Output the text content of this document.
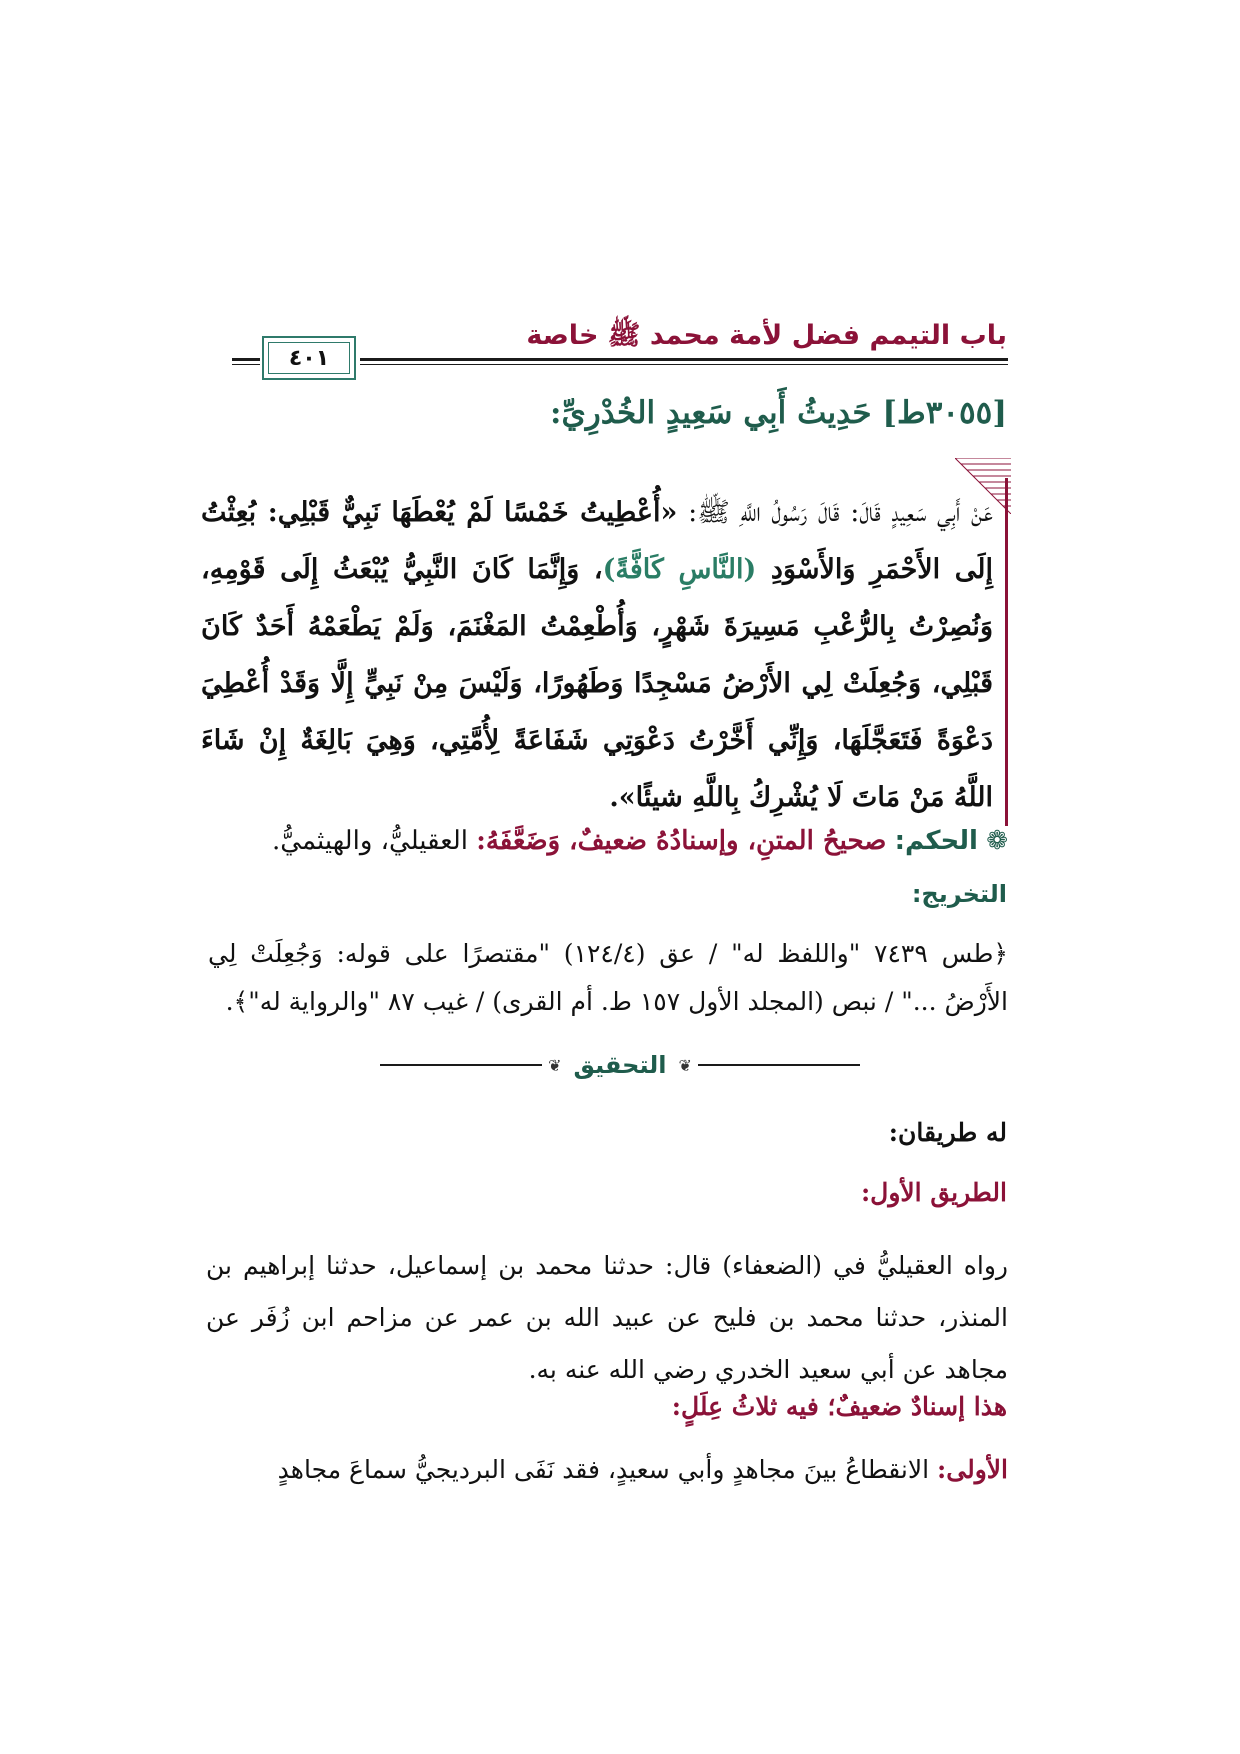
باب التيمم فضل لأمة محمد ﷺ خاصة
٤٠١
[٣٠٥٥ط] حَدِيثُ أَبِي سَعِيدٍ الخُدْرِيِّ:

عَنْ أَبِي سَعِيدٍ قَالَ: قَالَ رَسُولُ اللَّهِ ﷺ: «أُعْطِيتُ خَمْسًا لَمْ يُعْطَهَا نَبِيٌّ قَبْلِي: بُعِثْتُ إِلَى الأَحْمَرِ وَالأَسْوَدِ (النَّاسِ كَافَّةً)، وَإِنَّمَا كَانَ النَّبِيُّ يُبْعَثُ إِلَى قَوْمِهِ، وَنُصِرْتُ بِالرُّعْبِ مَسِيرَةَ شَهْرٍ، وَأُطْعِمْتُ المَغْنَمَ، وَلَمْ يَطْعَمْهُ أَحَدٌ كَانَ قَبْلِي، وَجُعِلَتْ لِي الأَرْضُ مَسْجِدًا وَطَهُورًا، وَلَيْسَ مِنْ نَبِيٍّ إِلَّا وَقَدْ أُعْطِيَ دَعْوَةً فَتَعَجَّلَهَا، وَإِنِّي أَخَّرْتُ دَعْوَتِي شَفَاعَةً لِأُمَّتِي، وَهِيَ بَالِغَةٌ إِنْ شَاءَ اللَّهُ مَنْ مَاتَ لَا يُشْرِكُ بِاللَّهِ شيئًا».

❁ الحكم: صحيحُ المتنِ، وإسنادُهُ ضعيفٌ، وَضَعَّفَهُ: العقيليُّ، والهيثميُّ.
التخريج:

﴿طس ٧٤٣٩ "واللفظ له" / عق (١٢٤/٤) "مقتصرًا على قوله: وَجُعِلَتْ لِي الأَرْضُ ..." / نبص (المجلد الأول ١٥٧ ط. أم القرى) / غيب ٨٧ "والرواية له"﴾.

❦
التحقيق
❦
له طريقان:
الطريق الأول:

رواه العقيليُّ في (الضعفاء) قال: حدثنا محمد بن إسماعيل، حدثنا إبراهيم بن المنذر، حدثنا محمد بن فليح عن عبيد الله بن عمر عن مزاحم ابن زُفَر عن مجاهد عن أبي سعيد الخدري رضي الله عنه به.

هذا إسنادٌ ضعيفٌ؛ فيه ثلاثُ عِلَلٍ:

الأولى: الانقطاعُ بينَ مجاهدٍ وأبي سعيدٍ، فقد نَفَى البرديجيُّ سماعَ مجاهدٍ
